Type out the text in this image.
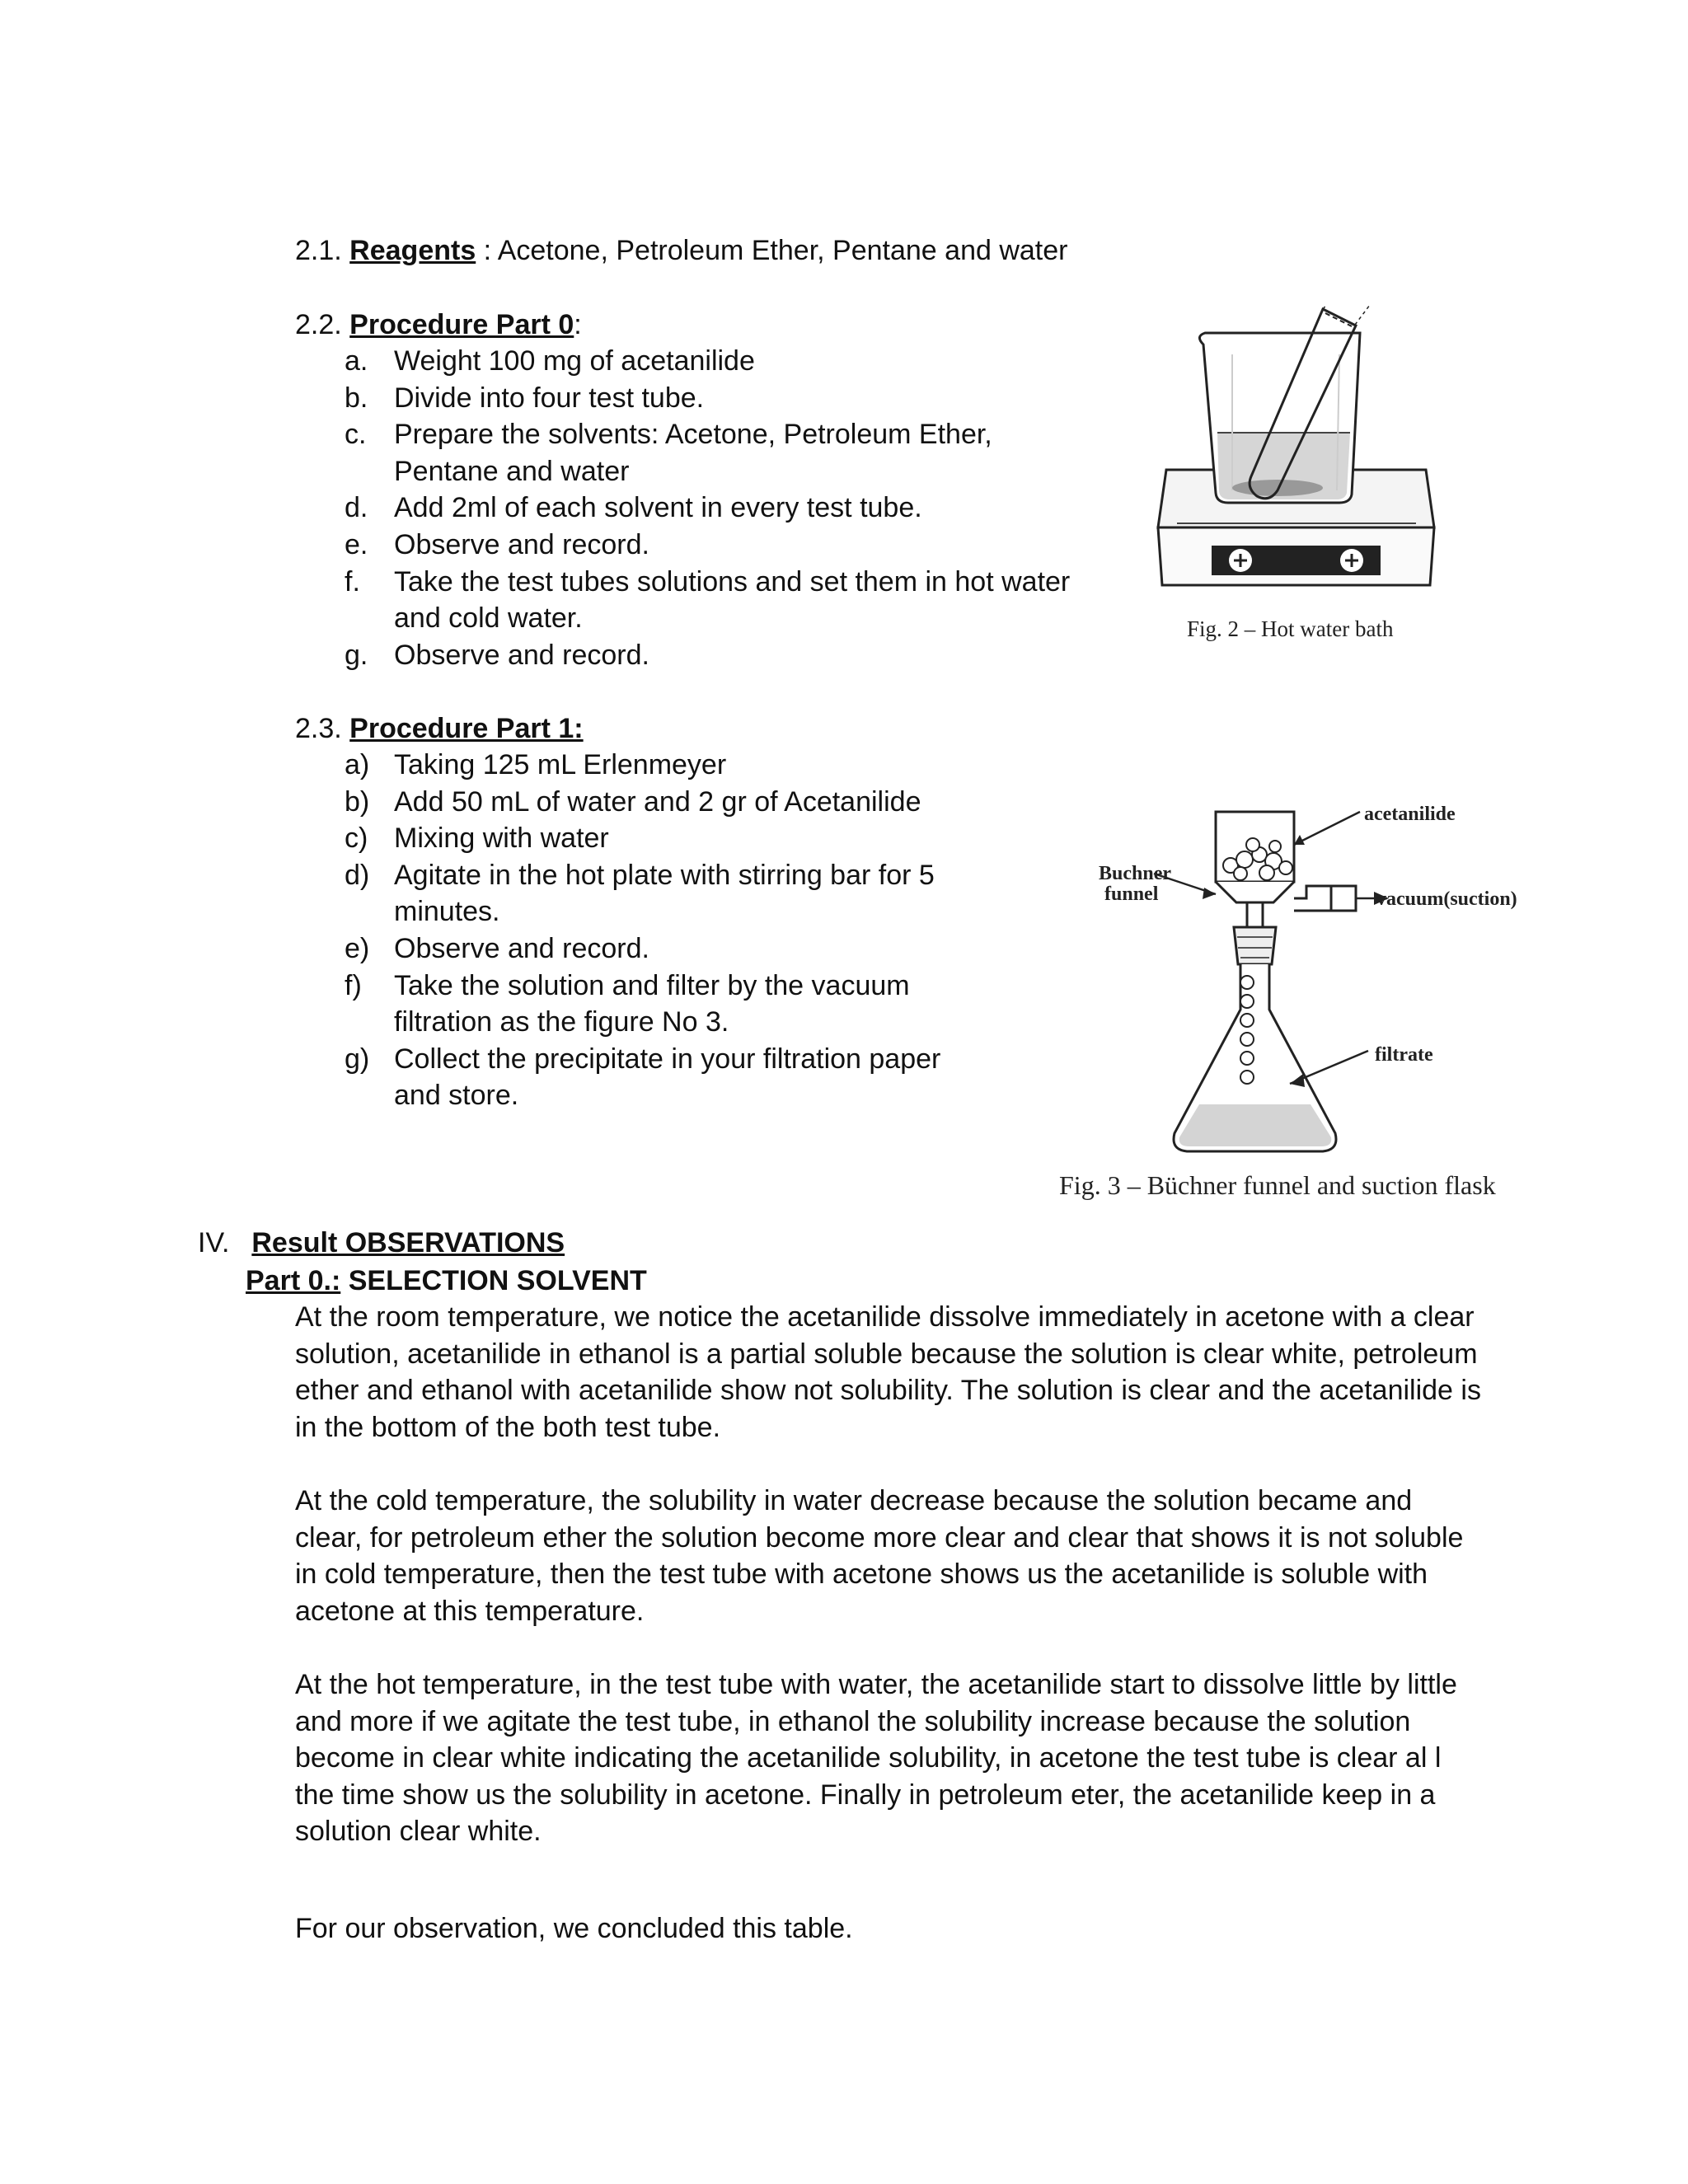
2.1. Reagents : Acetone, Petroleum Ether, Pentane and water
2.2. Procedure Part 0:
a. Weight 100 mg of acetanilide
b. Divide into four test tube.
c. Prepare the solvents: Acetone, Petroleum Ether,
Pentane and water
d. Add 2ml of each solvent in every test tube.
e. Observe and record.
f. Take the test tubes solutions and set them in hot water
and cold water.
g. Observe and record.
2.3. Procedure Part 1:
a) Taking 125 mL Erlenmeyer
b) Add 50 mL of water and 2 gr of Acetanilide
c) Mixing with water
d) Agitate in the hot plate with stirring bar for 5
minutes.
e) Observe and record.
f) Take the solution and filter by the vacuum
filtration as the figure No 3.
g) Collect the precipitate in your filtration paper
and store.
Fig. 2 – Hot water bath
acetanilide
Buchner
funnel	vacuum(suction)
filtrate
Fig. 3 – Büchner funnel and suction flask
IV. Result OBSERVATIONS
Part 0.: SELECTION SOLVENT

At the room temperature, we notice the acetanilide dissolve immediately in acetone with a clear solution, acetanilide in ethanol is a partial soluble because the solution is clear white, petroleum ether and ethanol with acetanilide show not solubility. The solution is clear and the acetanilide is in the bottom of the both test tube.

At the cold temperature, the solubility in water decrease because the solution became and clear, for petroleum ether the solution become more clear and clear that shows it is not soluble in cold temperature, then the test tube with acetone shows us the acetanilide is soluble with acetone at this temperature.

At the hot temperature, in the test tube with water, the acetanilide start to dissolve little by little and more if we agitate the test tube, in ethanol the solubility increase because the solution become in clear white indicating the acetanilide solubility, in acetone the test tube is clear al l the time show us the solubility in acetone. Finally in petroleum eter, the acetanilide keep in a solution clear white.

For our observation, we concluded this table.
